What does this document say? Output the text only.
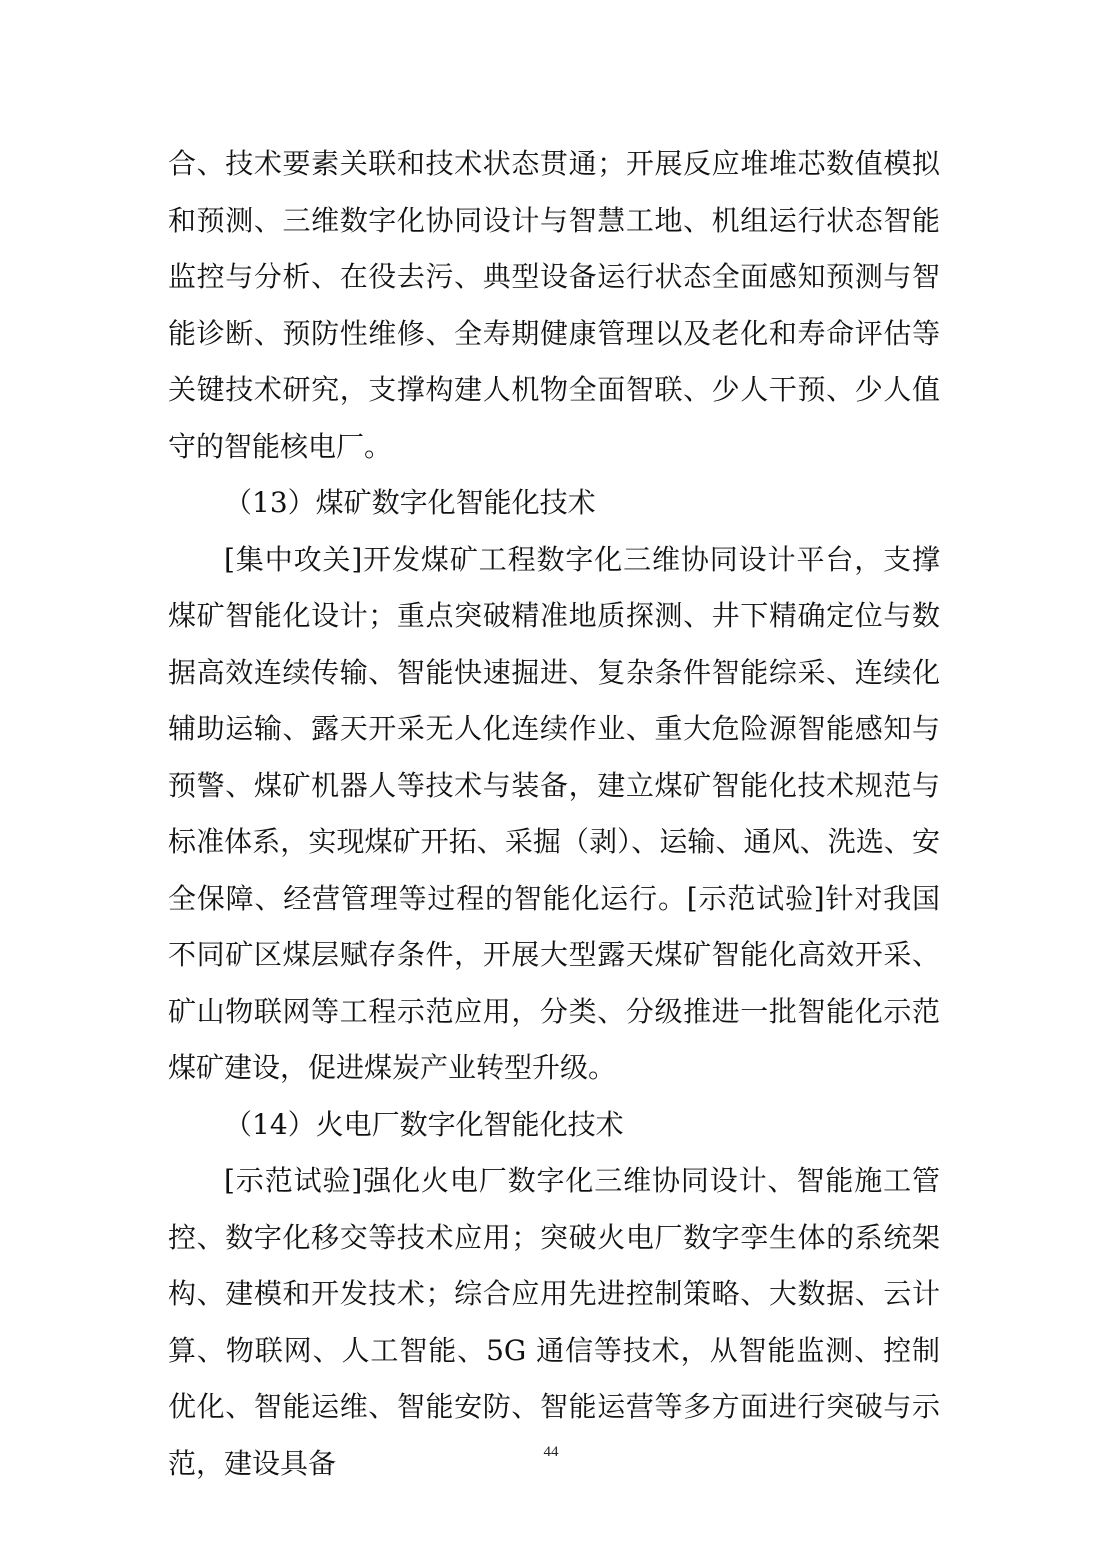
合、技术要素关联和技术状态贯通；开展反应堆堆芯数值模拟和预测、三维数字化协同设计与智慧工地、机组运行状态智能监控与分析、在役去污、典型设备运行状态全面感知预测与智能诊断、预防性维修、全寿期健康管理以及老化和寿命评估等关键技术研究，支撑构建人机物全面智联、少人干预、少人值守的智能核电厂。

（13）煤矿数字化智能化技术

[集中攻关]开发煤矿工程数字化三维协同设计平台，支撑煤矿智能化设计；重点突破精准地质探测、井下精确定位与数据高效连续传输、智能快速掘进、复杂条件智能综采、连续化辅助运输、露天开采无人化连续作业、重大危险源智能感知与预警、煤矿机器人等技术与装备，建立煤矿智能化技术规范与标准体系，实现煤矿开拓、采掘（剥）、运输、通风、洗选、安全保障、经营管理等过程的智能化运行。[示范试验]针对我国不同矿区煤层赋存条件，开展大型露天煤矿智能化高效开采、矿山物联网等工程示范应用，分类、分级推进一批智能化示范煤矿建设，促进煤炭产业转型升级。

（14）火电厂数字化智能化技术

[示范试验]强化火电厂数字化三维协同设计、智能施工管控、数字化移交等技术应用；突破火电厂数字孪生体的系统架构、建模和开发技术；综合应用先进控制策略、大数据、云计算、物联网、人工智能、5G 通信等技术，从智能监测、控制优化、智能运维、智能安防、智能运营等多方面进行突破与示范，建设具备	44
